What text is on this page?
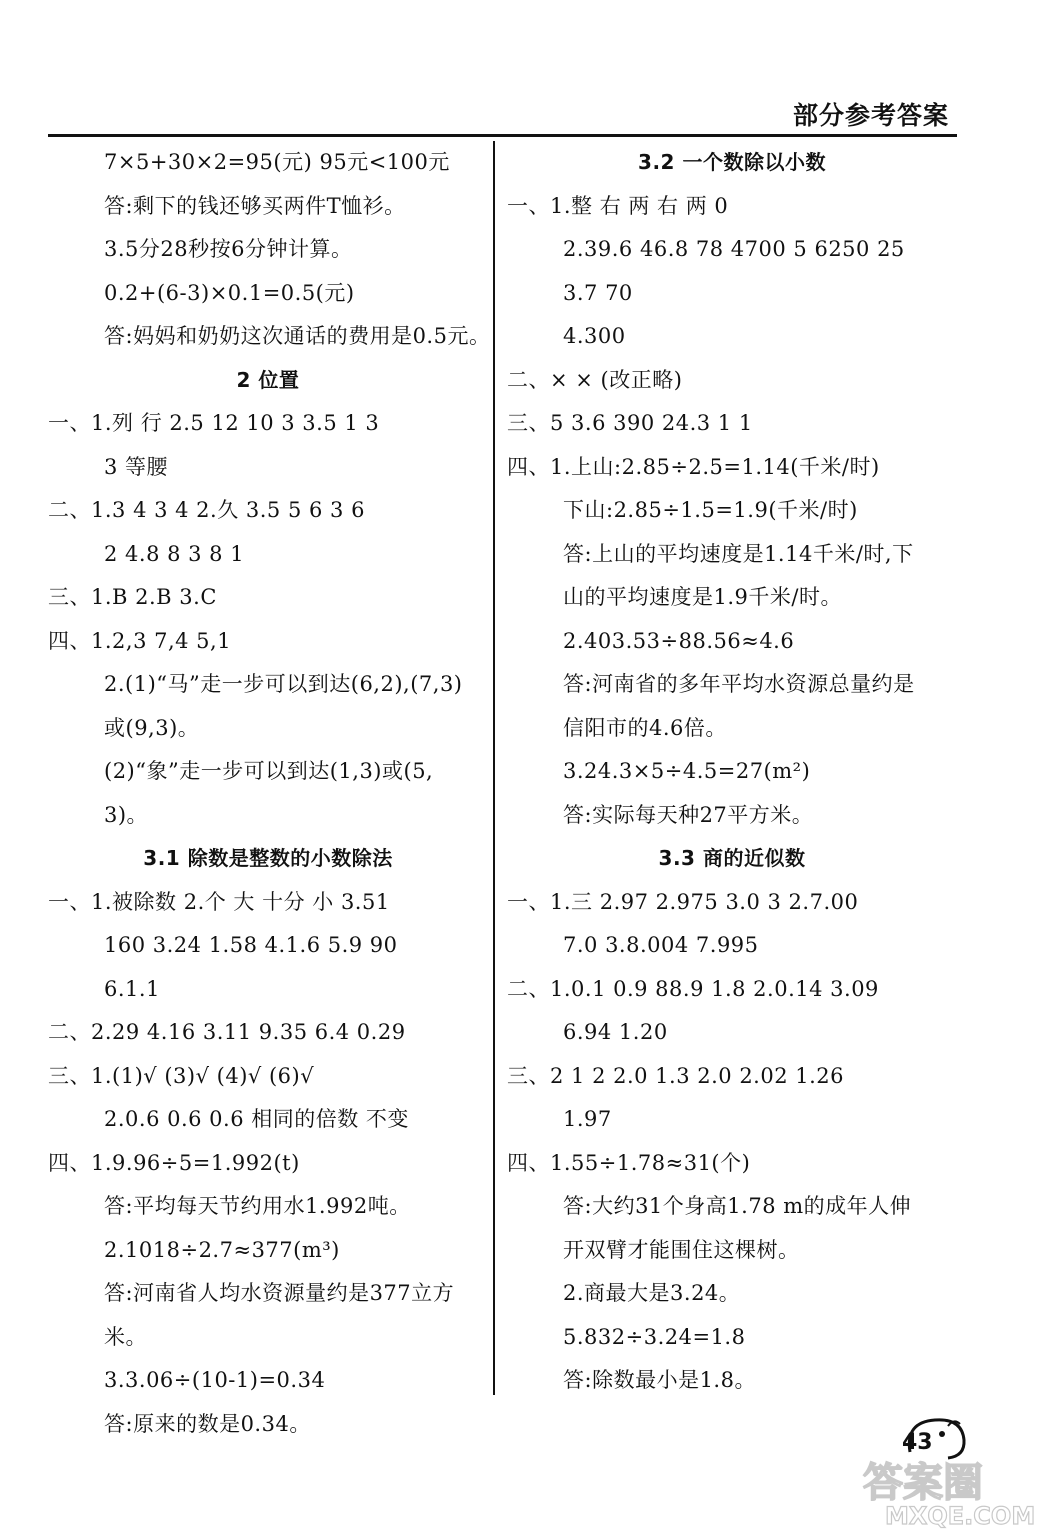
部分参考答案
7×5+30×2=95(元) 95元<100元
答:剩下的钱还够买两件T恤衫。
3.5分28秒按6分钟计算。
0.2+(6-3)×0.1=0.5(元)
答:妈妈和奶奶这次通话的费用是0.5元。
2 位置
一、1.列 行 2.5 12 10 3 3.5 1 3
3 等腰
二、1.3 4 3 4 2.久 3.5 5 6 3 6
2 4.8 8 3 8 1
三、1.B 2.B 3.C
四、1.2,3 7,4 5,1
2.(1)“马”走一步可以到达(6,2),(7,3)
或(9,3)。
(2)“象”走一步可以到达(1,3)或(5,
3)。
3.1 除数是整数的小数除法
一、1.被除数 2.个 大 十分 小 3.51
160 3.24 1.58 4.1.6 5.9 90
6.1.1
二、2.29 4.16 3.11 9.35 6.4 0.29
三、1.(1)√ (3)√ (4)√ (6)√
2.0.6 0.6 0.6 相同的倍数 不变
四、1.9.96÷5=1.992(t)
答:平均每天节约用水1.992吨。
2.1018÷2.7≈377(m³)
答:河南省人均水资源量约是377立方
米。
3.3.06÷(10-1)=0.34
答:原来的数是0.34。
3.2 一个数除以小数
一、1.整 右 两 右 两 0
2.39.6 46.8 78 4700 5 6250 25
3.7 70
4.300
二、× × (改正略)
三、5 3.6 390 24.3 1 1
四、1.上山:2.85÷2.5=1.14(千米/时)
下山:2.85÷1.5=1.9(千米/时)
答:上山的平均速度是1.14千米/时,下
山的平均速度是1.9千米/时。
2.403.53÷88.56≈4.6
答:河南省的多年平均水资源总量约是
信阳市的4.6倍。
3.24.3×5÷4.5=27(m²)
答:实际每天种27平方米。
3.3 商的近似数
一、1.三 2.97 2.975 3.0 3 2.7.00
7.0 3.8.004 7.995
二、1.0.1 0.9 88.9 1.8 2.0.14 3.09
6.94 1.20
三、2 1 2 2.0 1.3 2.0 2.02 1.26
1.97
四、1.55÷1.78≈31(个)
答:大约31个身高1.78 m的成年人伸
开双臂才能围住这棵树。
2.商最大是3.24。
5.832÷3.24=1.8
答:除数最小是1.8。
43
答案圈
MXQE.COM
